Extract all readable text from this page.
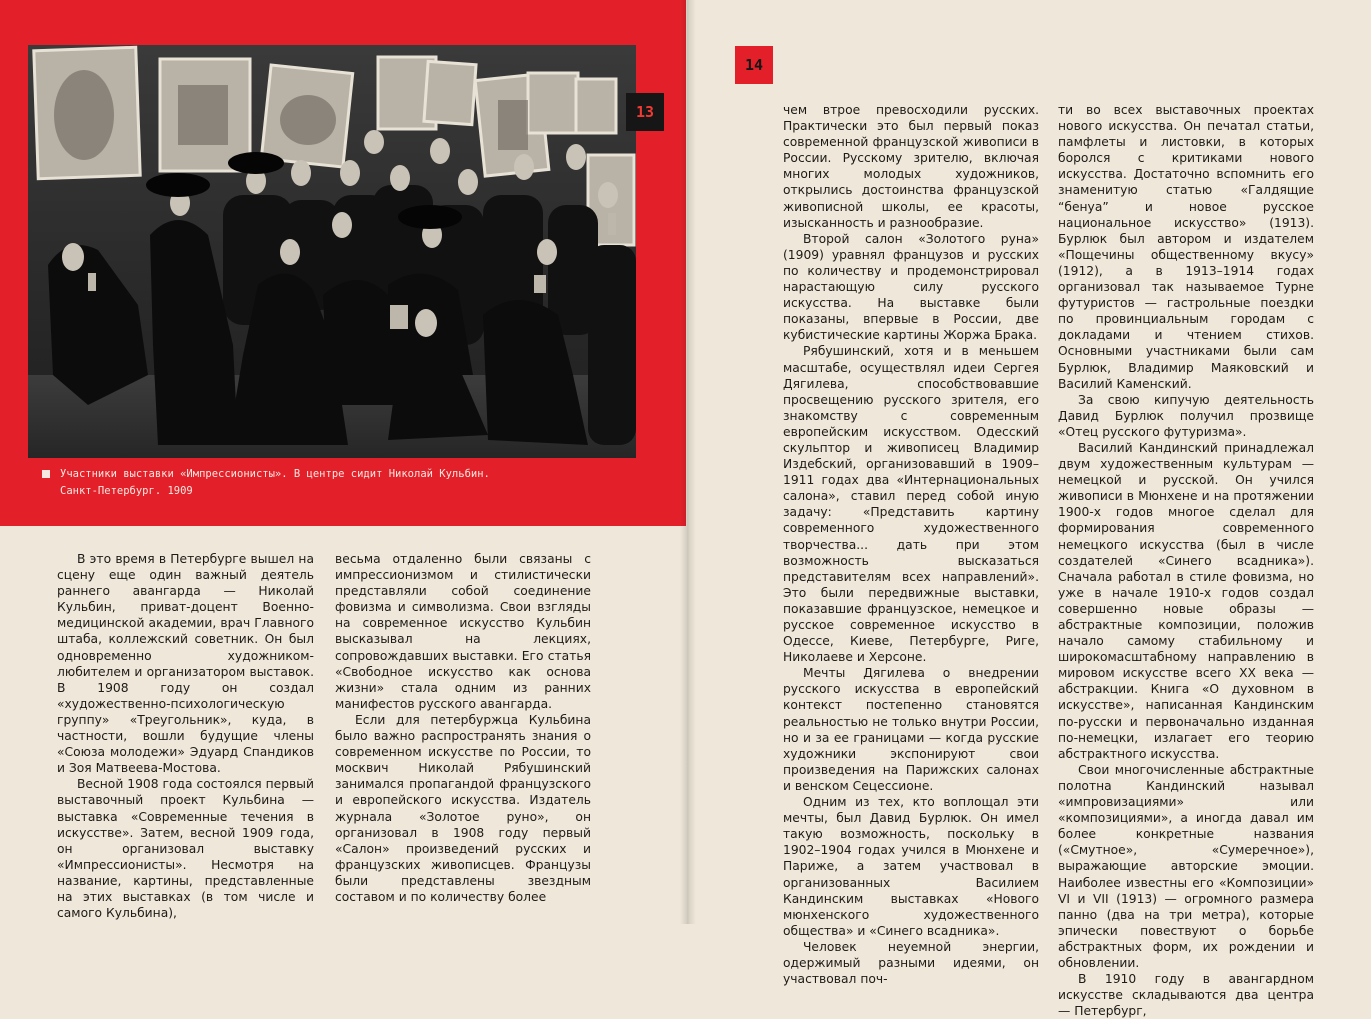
13
Участники выставки «Импрессионисты». В центре сидит Николай Кульбин.
Санкт-Петербург. 1909

В это время в Петербурге вышел на сцену еще один важный деятель раннего авангарда — Николай Кульбин, приват-доцент Военно-медицинской академии, врач Главного штаба, коллежский советник. Он был одновременно художником-любителем и организатором выставок. В 1908 году он создал «художественно-психологическую группу» «Треугольник», куда, в частности, вошли будущие члены «Союза молодежи» Эдуард Спандиков и Зоя Матвеева-Мостова.

Весной 1908 года состоялся первый выставочный проект Кульбина — выставка «Современные течения в искусстве». Затем, весной 1909 года, он организовал выставку «Импрессионисты». Несмотря на название, картины, представленные на этих выставках (в том числе и самого Кульбина),

весьма отдаленно были связаны с импрессионизмом и стилистически представляли собой соединение фовизма и символизма. Свои взгляды на современное искусство Кульбин высказывал на лекциях, сопровождавших выставки. Его статья «Свободное искусство как основа жизни» стала одним из ранних манифестов русского авангарда.

Если для петербуржца Кульбина было важно распространять знания о современном искусстве по России, то москвич Николай Рябушинский занимался пропагандой французского и европейского искусства. Издатель журнала «Золотое руно», он организовал в 1908 году первый «Салон» произведений русских и французских живописцев. Французы были представлены звездным составом и по количеству более

14

чем втрое превосходили русских. Практически это был первый показ современной французской живописи в России. Русскому зрителю, включая многих молодых художников, открылись достоинства французской живописной школы, ее красоты, изысканность и разнообразие.

Второй салон «Золотого руна» (1909) уравнял французов и русских по количеству и продемонстрировал нарастающую силу русского искусства. На выставке были показаны, впервые в России, две кубистические картины Жоржа Брака.

Рябушинский, хотя и в меньшем масштабе, осуществлял идеи Сергея Дягилева, способствовавшие просвещению русского зрителя, его знакомству с современным европейским искусством. Одесский скульптор и живописец Владимир Издебский, организовавший в 1909–1911 годах два «Интернациональных салона», ставил перед собой иную задачу: «Представить картину современного художественного творчества... дать при этом возможность высказаться представителям всех направлений». Это были передвижные выставки, показавшие французское, немецкое и русское современное искусство в Одессе, Киеве, Петербурге, Риге, Николаеве и Херсоне.

Мечты Дягилева о внедрении русского искусства в европейский контекст постепенно становятся реальностью не только внутри России, но и за ее границами — когда русские художники экспонируют свои произведения на Парижских салонах и венском Сецессионе.

Одним из тех, кто воплощал эти мечты, был Давид Бурлюк. Он имел такую возможность, поскольку в 1902–1904 годах учился в Мюнхене и Париже, а затем участвовал в организованных Василием Кандинским выставках «Нового мюнхенского художественного общества» и «Синего всадника».

Человек неуемной энергии, одержимый разными идеями, он участвовал поч-

ти во всех выставочных проектах нового искусства. Он печатал статьи, памфлеты и листовки, в которых боролся с критиками нового искусства. Достаточно вспомнить его знаменитую статью «Галдящие “бенуа” и новое русское национальное искусство» (1913). Бурлюк был автором и издателем «Пощечины общественному вкусу» (1912), а в 1913–1914 годах организовал так называемое Турне футуристов — гастрольные поездки по провинциальным городам с докладами и чтением стихов. Основными участниками были сам Бурлюк, Владимир Маяковский и Василий Каменский.

За свою кипучую деятельность Давид Бурлюк получил прозвище «Отец русского футуризма».

Василий Кандинский принадлежал двум художественным культурам — немецкой и русской. Он учился живописи в Мюнхене и на протяжении 1900-х годов многое сделал для формирования современного немецкого искусства (был в числе создателей «Синего всадника»). Сначала работал в стиле фовизма, но уже в начале 1910-х годов создал совершенно новые образы — абстрактные композиции, положив начало самому стабильному и широкомасштабному направлению в мировом искусстве всего XX века — абстракции. Книга «О духовном в искусстве», написанная Кандинским по-русски и первоначально изданная по-немецки, излагает его теорию абстрактного искусства.

Свои многочисленные абстрактные полотна Кандинский называл «импровизациями» или «композициями», а иногда давал им более конкретные названия («Смутное», «Сумеречное»), выражающие авторские эмоции. Наиболее известны его «Композиции» VI и VII (1913) — огромного размера панно (два на три метра), которые эпически повествуют о борьбе абстрактных форм, их рождении и обновлении.

В 1910 году в авангардном искусстве складываются два центра — Петербург,
